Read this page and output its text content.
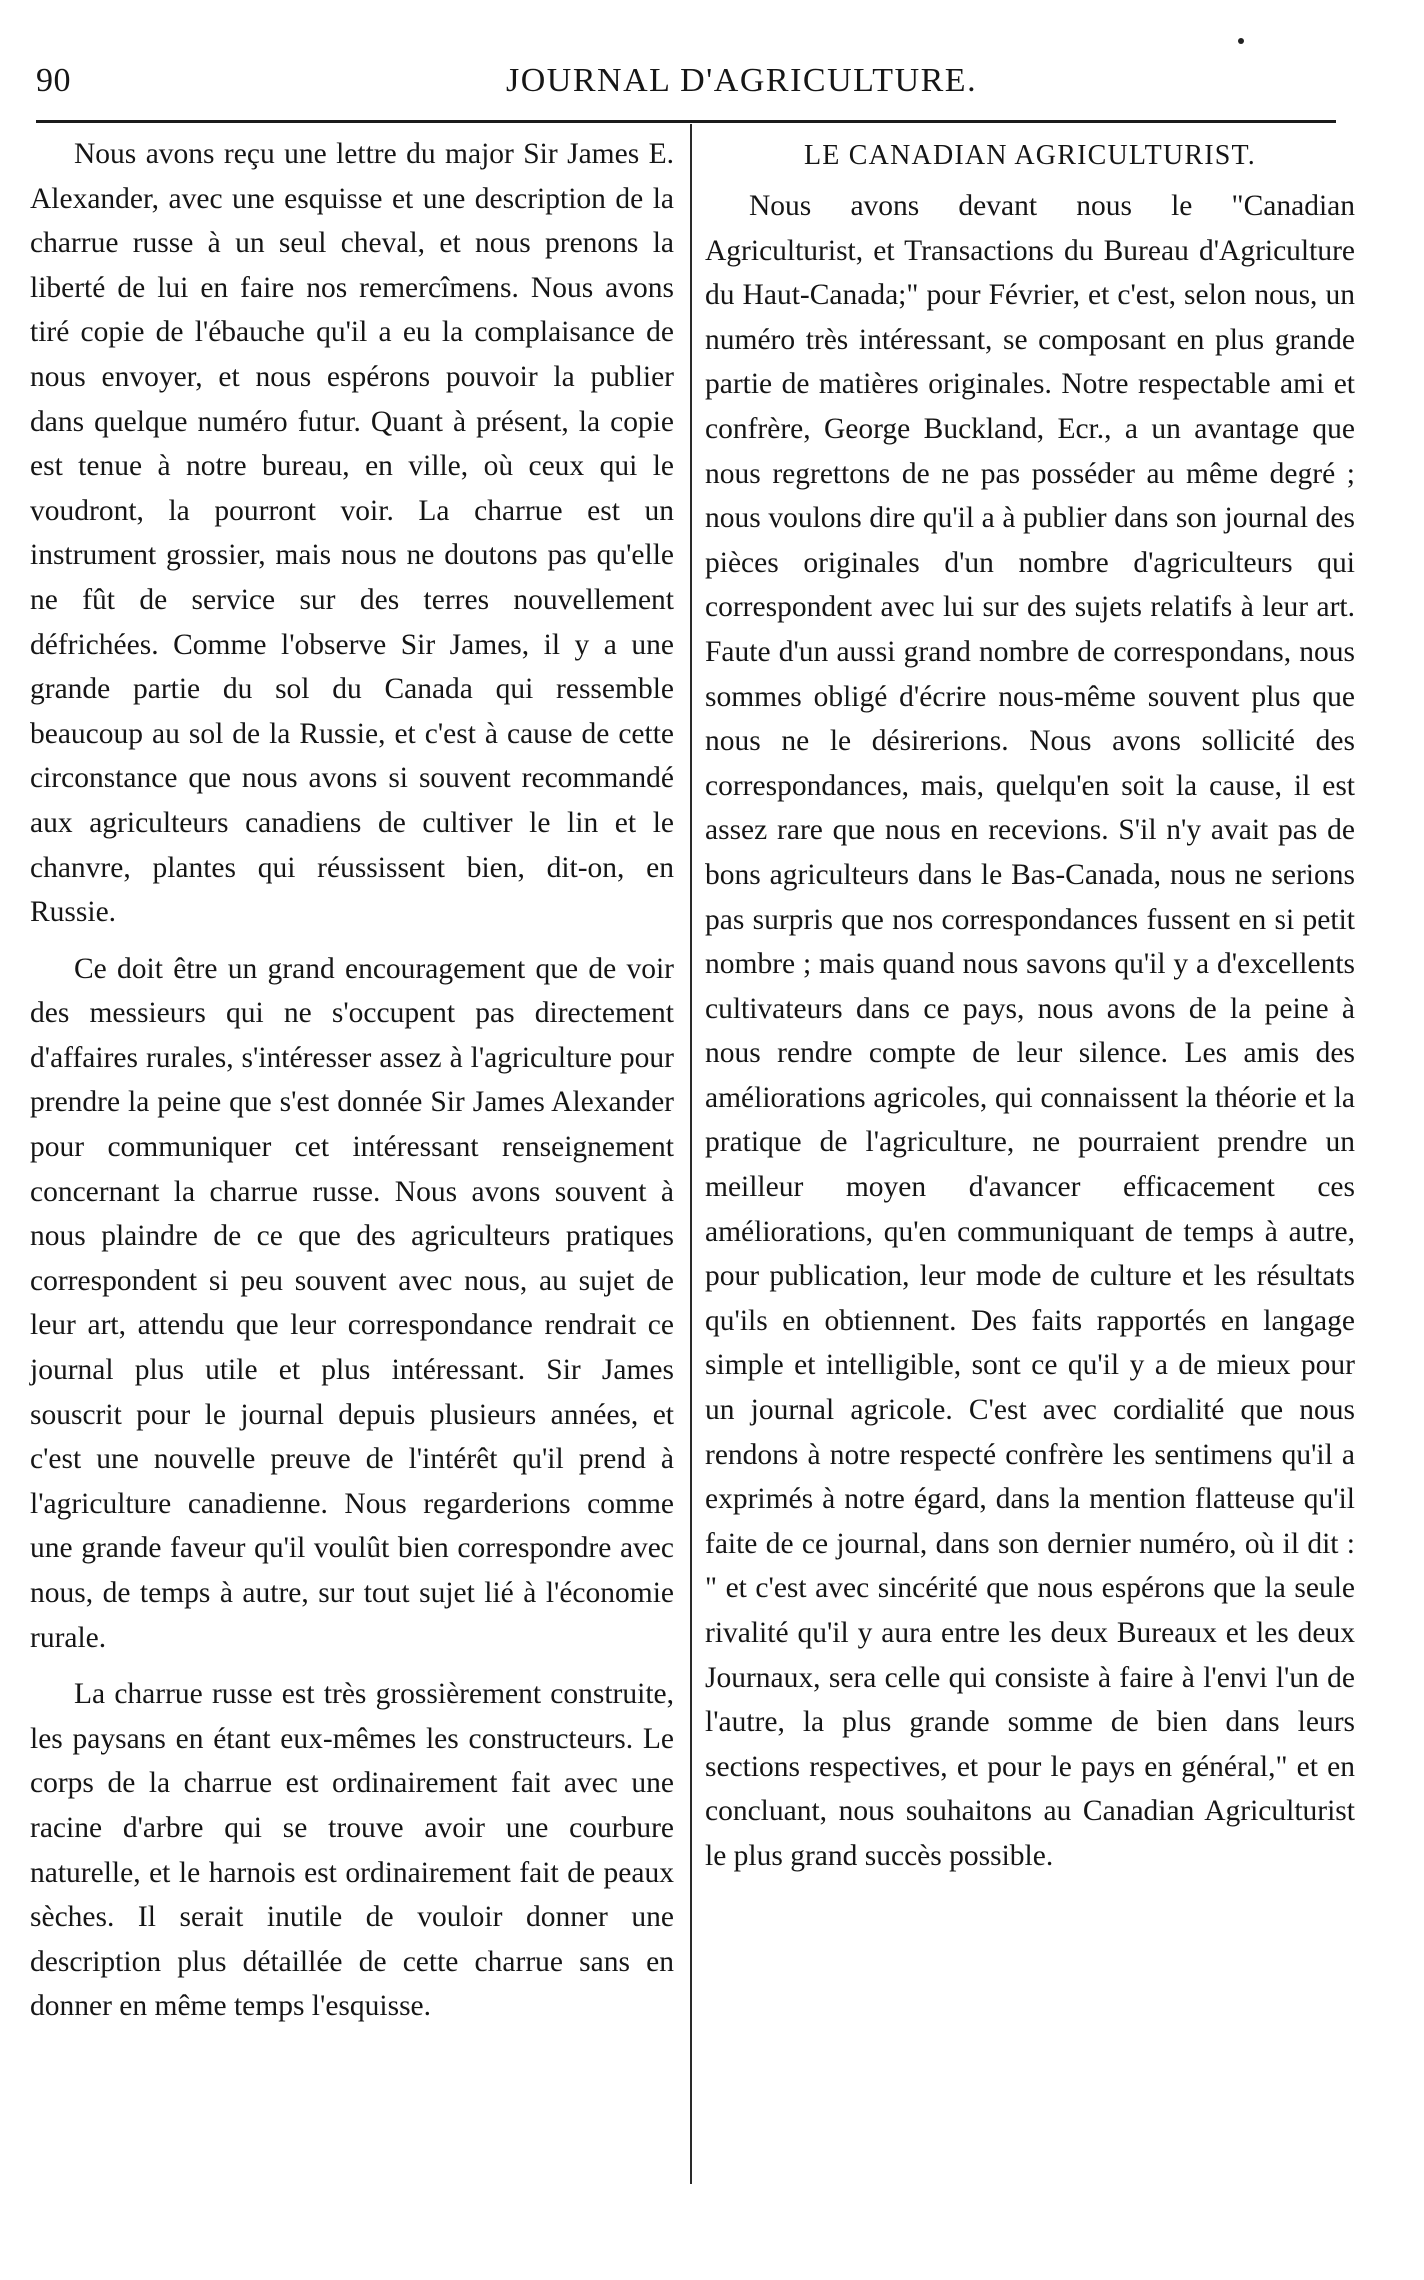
90	JOURNAL D'AGRICULTURE.

Nous avons reçu une lettre du major Sir James E. Alexander, avec une esquisse et une description de la charrue russe à un seul cheval, et nous prenons la liberté de lui en faire nos remercîmens. Nous avons tiré copie de l'ébauche qu'il a eu la complaisance de nous envoyer, et nous espérons pouvoir la publier dans quelque numéro futur. Quant à présent, la copie est tenue à notre bureau, en ville, où ceux qui le voudront, la pourront voir. La charrue est un instrument grossier, mais nous ne doutons pas qu'elle ne fût de service sur des terres nouvellement défrichées. Comme l'observe Sir James, il y a une grande partie du sol du Canada qui ressemble beaucoup au sol de la Russie, et c'est à cause de cette circonstance que nous avons si souvent recommandé aux agriculteurs canadiens de cultiver le lin et le chanvre, plantes qui réussissent bien, dit-on, en Russie.

Ce doit être un grand encouragement que de voir des messieurs qui ne s'occupent pas directement d'affaires rurales, s'intéresser assez à l'agriculture pour prendre la peine que s'est donnée Sir James Alexander pour communiquer cet intéressant renseignement concernant la charrue russe. Nous avons souvent à nous plaindre de ce que des agriculteurs pratiques correspondent si peu souvent avec nous, au sujet de leur art, attendu que leur correspondance rendrait ce journal plus utile et plus intéressant. Sir James souscrit pour le journal depuis plusieurs années, et c'est une nouvelle preuve de l'intérêt qu'il prend à l'agriculture canadienne. Nous regarderions comme une grande faveur qu'il voulût bien correspondre avec nous, de temps à autre, sur tout sujet lié à l'économie rurale.

La charrue russe est très grossièrement construite, les paysans en étant eux-mêmes les constructeurs. Le corps de la charrue est ordinairement fait avec une racine d'arbre qui se trouve avoir une courbure naturelle, et le harnois est ordinairement fait de peaux sèches. Il serait inutile de vouloir donner une description plus détaillée de cette charrue sans en donner en même temps l'esquisse.

LE CANADIAN AGRICULTURIST.

Nous avons devant nous le "Canadian Agriculturist, et Transactions du Bureau d'Agriculture du Haut-Canada;" pour Février, et c'est, selon nous, un numéro très intéressant, se composant en plus grande partie de matières originales. Notre respectable ami et confrère, George Buckland, Ecr., a un avantage que nous regrettons de ne pas posséder au même degré ; nous voulons dire qu'il a à publier dans son journal des pièces originales d'un nombre d'agriculteurs qui correspondent avec lui sur des sujets relatifs à leur art. Faute d'un aussi grand nombre de correspondans, nous sommes obligé d'écrire nous-même souvent plus que nous ne le désirerions. Nous avons sollicité des correspondances, mais, quelqu'en soit la cause, il est assez rare que nous en recevions. S'il n'y avait pas de bons agriculteurs dans le Bas-Canada, nous ne serions pas surpris que nos correspondances fussent en si petit nombre ; mais quand nous savons qu'il y a d'excellents cultivateurs dans ce pays, nous avons de la peine à nous rendre compte de leur silence. Les amis des améliorations agricoles, qui connaissent la théorie et la pratique de l'agriculture, ne pourraient prendre un meilleur moyen d'avancer efficacement ces améliorations, qu'en communiquant de temps à autre, pour publication, leur mode de culture et les résultats qu'ils en obtiennent. Des faits rapportés en langage simple et intelligible, sont ce qu'il y a de mieux pour un journal agricole. C'est avec cordialité que nous rendons à notre respecté confrère les sentimens qu'il a exprimés à notre égard, dans la mention flatteuse qu'il faite de ce journal, dans son dernier numéro, où il dit : " et c'est avec sincérité que nous espérons que la seule rivalité qu'il y aura entre les deux Bureaux et les deux Journaux, sera celle qui consiste à faire à l'envi l'un de l'autre, la plus grande somme de bien dans leurs sections respectives, et pour le pays en général," et en concluant, nous souhaitons au Canadian Agriculturist le plus grand succès possible.
